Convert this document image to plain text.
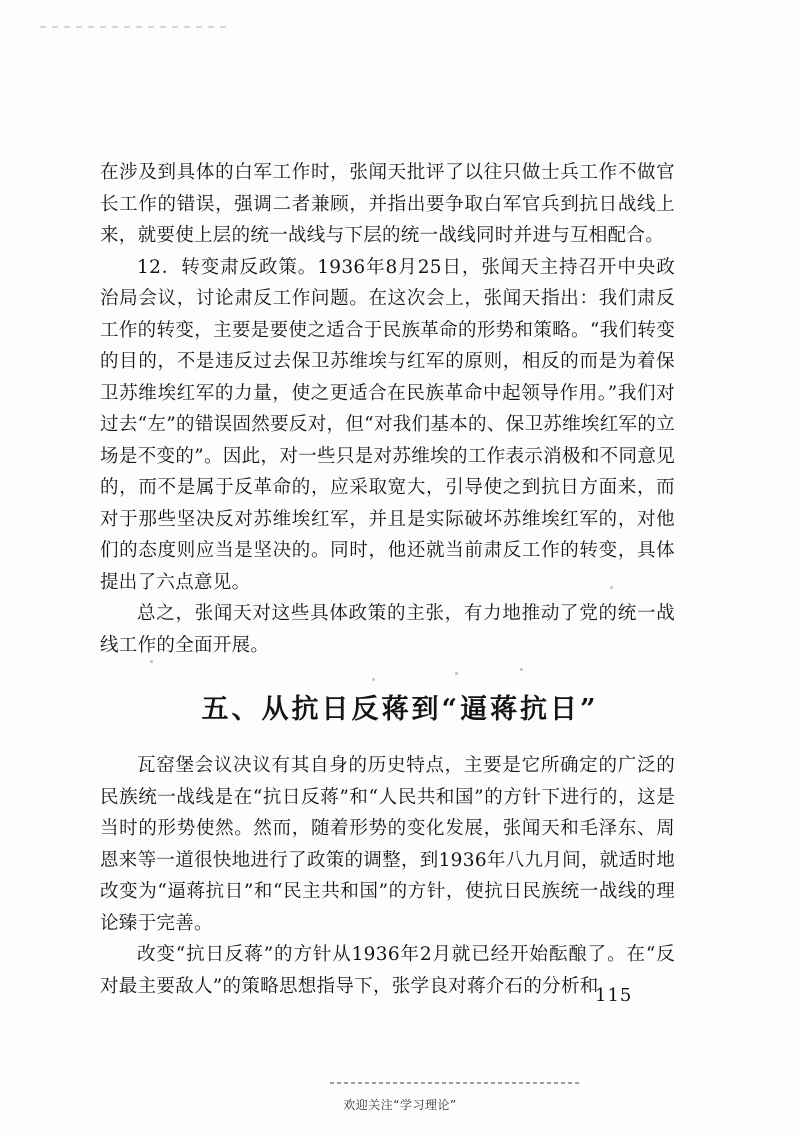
在涉及到具体的白军工作时，张闻天批评了以往只做士兵工作不做官长工作的错误，强调二者兼顾，并指出要争取白军官兵到抗日战线上来，就要使上层的统一战线与下层的统一战线同时并进与互相配合。

12．转变肃反政策。1936年8月25日，张闻天主持召开中央政治局会议，讨论肃反工作问题。在这次会上，张闻天指出：我们肃反工作的转变，主要是要使之适合于民族革命的形势和策略。“我们转变的目的，不是违反过去保卫苏维埃与红军的原则，相反的而是为着保卫苏维埃红军的力量，使之更适合在民族革命中起领导作用。”我们对过去“左”的错误固然要反对，但“对我们基本的、保卫苏维埃红军的立场是不变的”。因此，对一些只是对苏维埃的工作表示消极和不同意见的，而不是属于反革命的，应采取宽大，引导使之到抗日方面来，而对于那些坚决反对苏维埃红军，并且是实际破坏苏维埃红军的，对他们的态度则应当是坚决的。同时，他还就当前肃反工作的转变，具体提出了六点意见。

总之，张闻天对这些具体政策的主张，有力地推动了党的统一战线工作的全面开展。

五、从抗日反蒋到“逼蒋抗日”

瓦窑堡会议决议有其自身的历史特点，主要是它所确定的广泛的民族统一战线是在“抗日反蒋”和“人民共和国”的方针下进行的，这是当时的形势使然。然而，随着形势的变化发展，张闻天和毛泽东、周恩来等一道很快地进行了政策的调整，到1936年八九月间，就适时地改变为“逼蒋抗日”和“民主共和国”的方针，使抗日民族统一战线的理论臻于完善。

改变“抗日反蒋”的方针从1936年2月就已经开始酝酿了。在“反对最主要敌人”的策略思想指导下，张学良对蒋介石的分析和

115
欢迎关注“学习理论”
